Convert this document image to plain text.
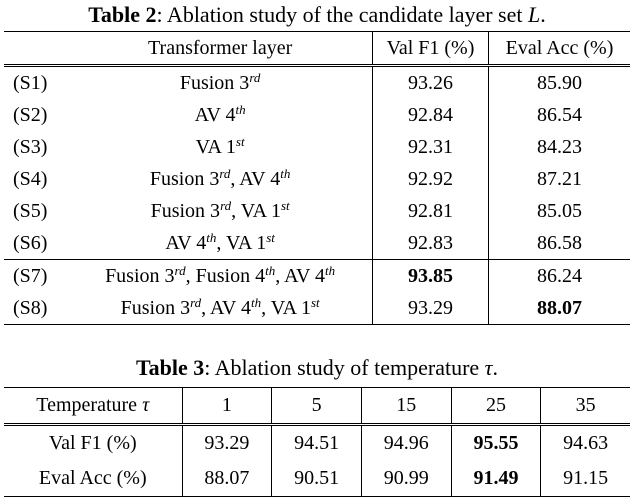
Table 2: Ablation study of the candidate layer set L.
	Transformer layer	Val F1 (%)	Eval Acc (%)
(S1)	Fusion 3rd	93.26	85.90
(S2)	AV 4th	92.84	86.54
(S3)	VA 1st	92.31	84.23
(S4)	Fusion 3rd, AV 4th	92.92	87.21
(S5)	Fusion 3rd, VA 1st	92.81	85.05
(S6)	AV 4th, VA 1st	92.83	86.58
(S7)	Fusion 3rd, Fusion 4th, AV 4th	93.85	86.24
(S8)	Fusion 3rd, AV 4th, VA 1st	93.29	88.07
Table 3: Ablation study of temperature τ.
Temperature τ	1	5	15	25	35
Val F1 (%)	93.29	94.51	94.96	95.55	94.63
Eval Acc (%)	88.07	90.51	90.99	91.49	91.15
